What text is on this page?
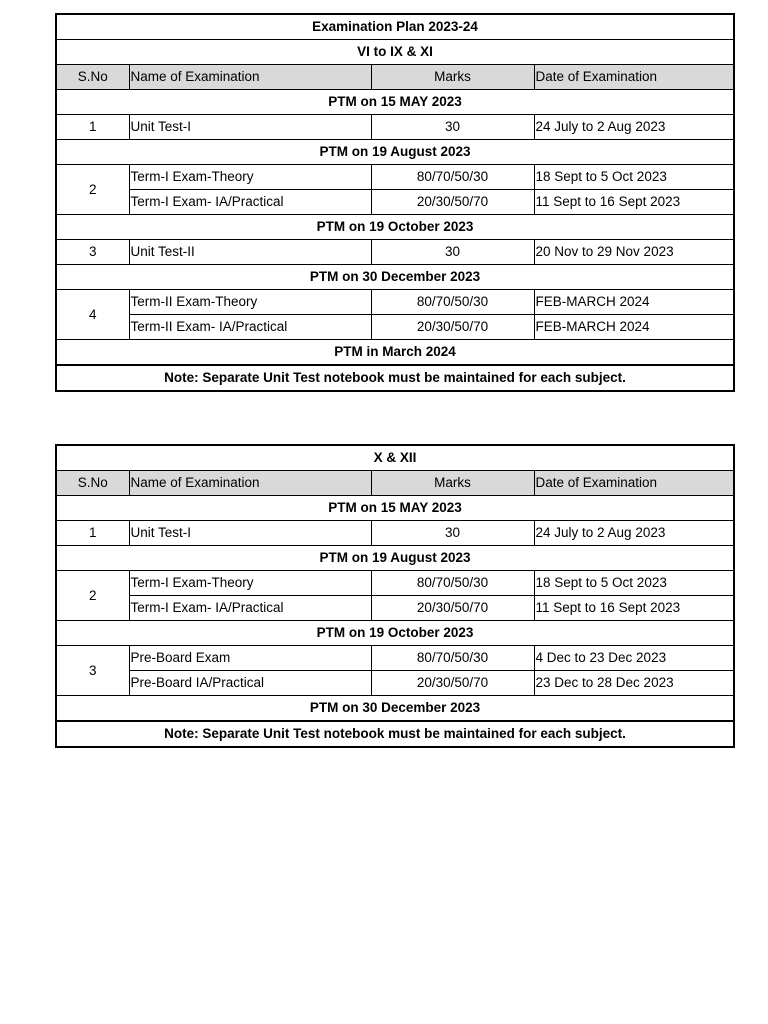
Examination Plan 2023-24			
VI to IX & XI			
S.No	Name of Examination	Marks	Date of Examination
PTM on 15 MAY 2023			
1	Unit Test-I	30	24 July to 2 Aug 2023
PTM on 19 August 2023			
2	Term-I Exam-Theory	80/70/50/30	18 Sept to 5 Oct 2023
	Term-I Exam- IA/Practical	20/30/50/70	11 Sept to 16 Sept 2023
PTM on 19 October 2023			
3	Unit Test-II	30	20 Nov to 29 Nov 2023
PTM on 30 December 2023			
4	Term-II Exam-Theory	80/70/50/30	FEB-MARCH 2024
	Term-II Exam- IA/Practical	20/30/50/70	FEB-MARCH 2024
PTM in March 2024			
Note: Separate Unit Test notebook must be maintained for each subject.			
X & XII			
S.No	Name of Examination	Marks	Date of Examination
PTM on 15 MAY 2023			
1	Unit Test-I	30	24 July to 2 Aug 2023
PTM on 19 August 2023			
2	Term-I Exam-Theory	80/70/50/30	18 Sept to 5 Oct 2023
	Term-I Exam- IA/Practical	20/30/50/70	11 Sept to 16 Sept 2023
PTM on 19 October 2023			
3	Pre-Board Exam	80/70/50/30	4 Dec to 23 Dec 2023
	Pre-Board IA/Practical	20/30/50/70	23 Dec to 28 Dec 2023
PTM on 30 December 2023			
Note: Separate Unit Test notebook must be maintained for each subject.			
